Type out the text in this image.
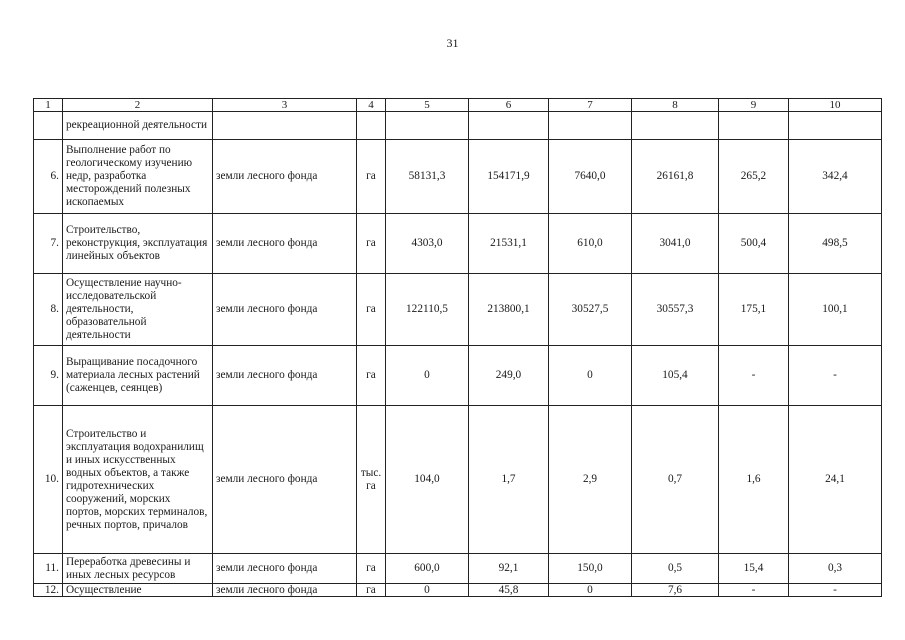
31
1	2	3	4	5	6	7	8	9	10
	рекреационной деятельности								
6.	Выполнение работ по геологическому изучению недр, разработка месторождений полезных ископаемых	земли лесного фонда	га	58131,3	154171,9	7640,0	26161,8	265,2	342,4
7.	Строительство, реконструкция, эксплуатация линейных объектов	земли лесного фонда	га	4303,0	21531,1	610,0	3041,0	500,4	498,5
8.	Осуществление научно-исследовательской деятельности, образовательной деятельности	земли лесного фонда	га	122110,5	213800,1	30527,5	30557,3	175,1	100,1
9.	Выращивание посадочного материала лесных растений (саженцев, сеянцев)	земли лесного фонда	га	0	249,0	0	105,4	-	-
10.	Строительство и эксплуатация водохранилищ и иных искусственных водных объектов, а также гидротехнических сооружений, морских портов, морских терминалов, речных портов, причалов	земли лесного фонда	тыс. га	104,0	1,7	2,9	0,7	1,6	24,1
11.	Переработка древесины и иных лесных ресурсов	земли лесного фонда	га	600,0	92,1	150,0	0,5	15,4	0,3
12.	Осуществление	земли лесного фонда	га	0	45,8	0	7,6	-	-
